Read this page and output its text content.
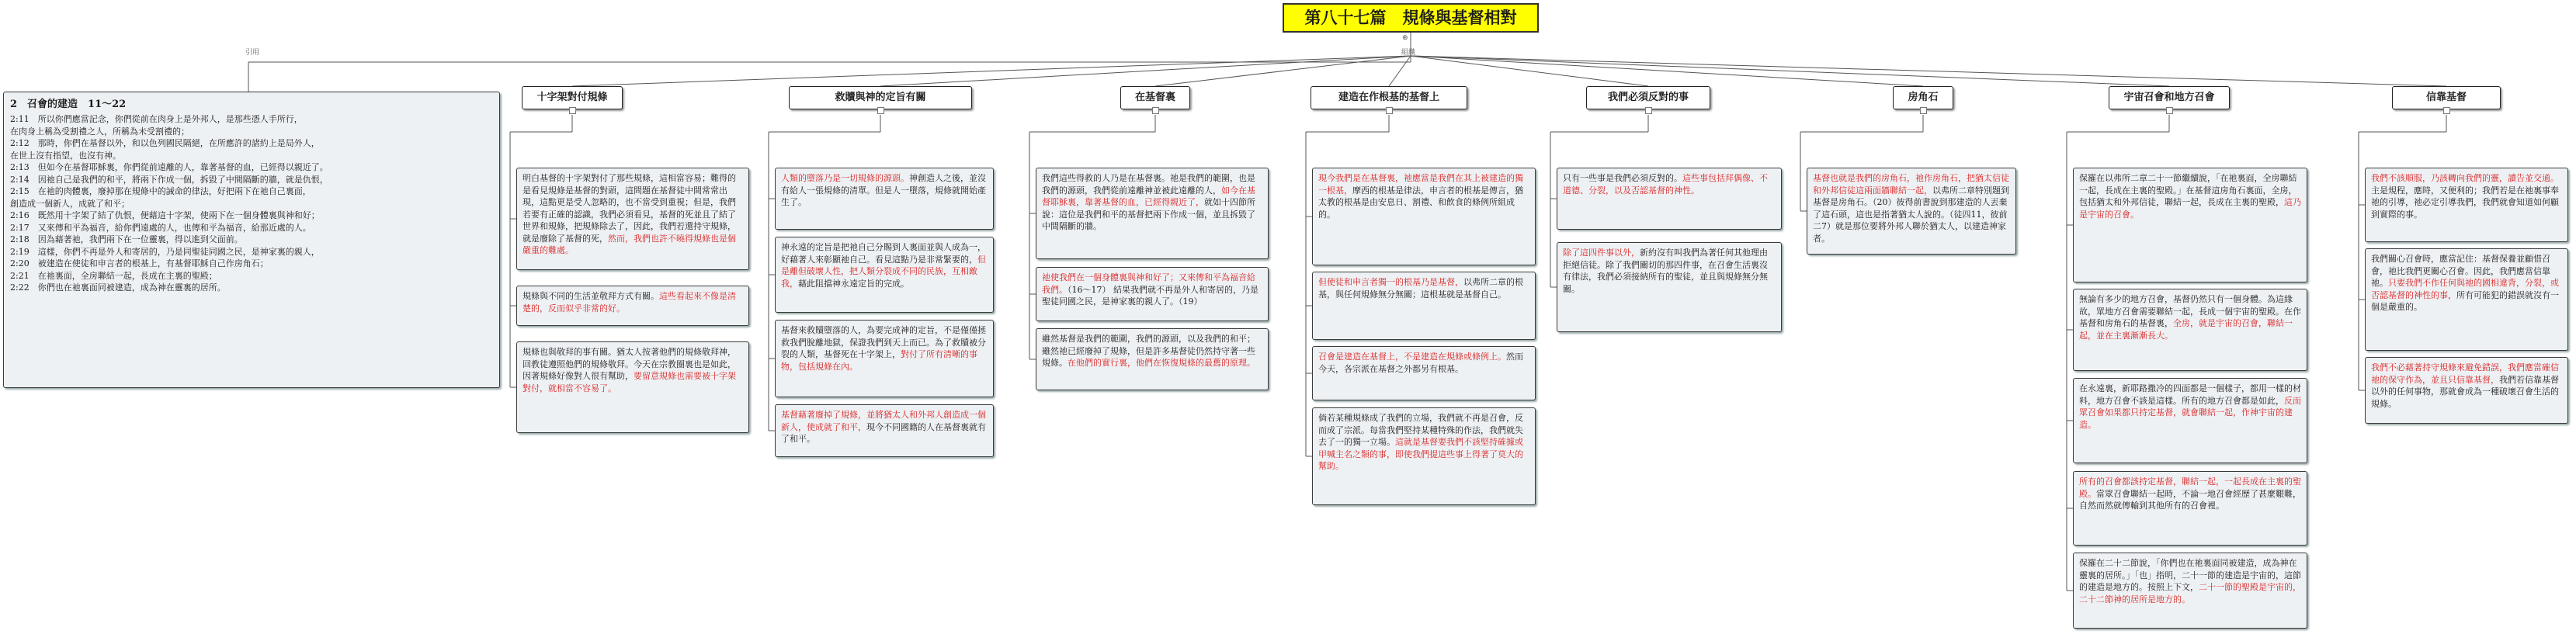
⊕
第八十七篇　規條與基督相對
引用	組織
2　召會的建造　11～22
2:11　所以你們應當記念，你們從前在肉身上是外邦人，是那些憑人手所行，
在肉身上稱為受割禮之人，所稱為未受割禮的；
2:12　那時，你們在基督以外，和以色列國民隔絕，在所應許的諸約上是局外人，
在世上沒有指望，也沒有神。
2:13　但如今在基督耶穌裏，你們從前遠離的人，靠著基督的血，已經得以親近了。
2:14　因祂自己是我們的和平，將兩下作成一個，拆毀了中間隔斷的牆，就是仇恨，
2:15　在祂的肉體裏，廢掉那在規條中的誡命的律法，好把兩下在祂自己裏面，
創造成一個新人，成就了和平；
2:16　既然用十字架了結了仇恨，便藉這十字架，使兩下在一個身體裏與神和好；
2:17　又來傳和平為福音，給你們遠處的人，也傳和平為福音，給那近處的人。
2:18　因為藉著祂，我們兩下在一位靈裏，得以進到父面前。
2:19　這樣，你們不再是外人和寄居的，乃是同聖徒同國之民，是神家裏的親人，
2:20　被建造在使徒和申言者的根基上，有基督耶穌自己作房角石；
2:21　在祂裏面，全房聯結一起，長成在主裏的聖殿；
2:22　你們也在祂裏面同被建造，成為神在靈裏的居所。
十字架對付規條
明白基督的十字架對付了那些規條，這相當容易；難得的是看見規條是基督的對頭，這問題在基督徒中間常常出現，這點更是受人忽略的，也不當受到重視；但是，我們若要有正確的認識，我們必須看見，基督的死並且了結了世界和規條，把規條除去了，因此，我們若還持守規條，就是廢除了基督的死，然而，我們也許不曉得規條也是個嚴重的難處。
規條與不同的生活並敬拜方式有關。這些看起來不像是清楚的，反而似乎非常的好。
規條也與敬拜的事有關。猶太人按著他們的規條敬拜神，回教徒遵照他們的規條敬拜。今天在宗教圈裏也是如此，因著規條好像對人很有幫助，要留意規條也需要被十字架對付，就相當不容易了。
救贖與神的定旨有關
人類的墮落乃是一切規條的源頭。神創造人之後，並沒有給人一張規條的清單。但是人一墮落，規條就開始產生了。
神永遠的定旨是把祂自己分賜到人裏面並與人成為一，好藉著人來彰顯祂自己。看見這點乃是非常緊要的，但是離但破壞人性，把人類分裂成不同的民族，互相敵我，藉此阻擋神永遠定旨的完成。
基督來救贖墮落的人，為要完成神的定旨，不是僅僅拯救我們脫離地獄，保證我們到天上而已。為了救贖被分裂的人類，基督死在十字架上，對付了所有清晰的事物，包括規條在內。
基督藉著廢掉了規條，並將猶太人和外邦人創造成一個新人，使成就了和平，現今不同國籍的人在基督裏就有了和平。
在基督裏
我們這些得救的人乃是在基督裏。祂是我們的範圍，也是我們的源頭，我們從前遠離神並被此遠離的人，如今在基督耶穌裏，靠著基督的血，已經得親近了，就如十四節所說：這位是我們和平的基督把兩下作成一個，並且拆毀了中間隔斷的牆。
祂使我們在一個身體裏與神和好了；又來傳和平為福音給我們。（16～17） 結果我們就不再是外人和寄居的，乃是聖徒同國之民，是神家裏的親人了。（19）
雖然基督是我們的範圍，我們的源頭，以及我們的和平；雖然祂已經廢掉了規條，但是許多基督徒仍然持守著一些規條。在他們的實行裏，他們在恢復規條的最舊的原理。
建造在作根基的基督上
現今我們是在基督裏，祂應當是我們在其上被建造的獨一根基，摩西的根基是律法，申言者的根基是傳言，猶太教的根基是由安息日、割禮、和飲食的條例所組成的。
但使徒和申言者獨一的根基乃是基督，以弗所二章的根基，與任何規條無分無關；這根基就是基督自己。
召會是建造在基督上，不是建造在規條或條例上。然而今天，各宗派在基督之外都另有根基。
倘若某種規條成了我們的立場，我們就不再是召會，反而成了宗派。每當我們堅持某種特殊的作法，我們就失去了一的獨一立場。這就是基督要我們不該堅持確據或甲喊主名之類的事，即使我們提這些事上得著了莫大的幫助。
我們必須反對的事
只有一些事是我們必須反對的。這些事包括拜偶像、不道德、分裂，以及否認基督的神性。
除了這四件事以外，新約沒有叫我們為著任何其他理由拒絕信徒。除了我們關切的那四件事，在召會生活裏沒有律法，我們必須接納所有的聖徒，並且與規條無分無關。
房角石
基督也就是我們的房角石，祂作房角石，把猶太信徒和外邦信徒這兩面牆聯結一起，以弗所二章特別題到基督是房角石。（20）彼得前書說到那建造的人丟棄了這石頭，這也是指著猶太人說的。（徒四11，彼前二7）就是那位要將外邦人聯於猶太人，以建造神家者。
宇宙召會和地方召會
保羅在以弗所二章二十一節繼續說，「在祂裏面，全房聯結一起，長成在主裏的聖殿。」在基督這房角石裏面，全房，包括猶太和外邦信徒，聯結一起，長成在主裏的聖殿，這乃是宇宙的召會。
無論有多少的地方召會，基督仍然只有一個身體。為這緣故，眾地方召會需要聯結一起，長成一個宇宙的聖殿。在作基督和房角石的基督裏，全房，就是宇宙的召會，聯結一起，並在主裏漸漸長大。
在永遠裏，新耶路撒冷的四面都是一個樣子，都用一樣的材料，地方召會不該是這樣。所有的地方召會都是如此，反而眾召會如果都只持定基督，就會聯結一起，作神宇宙的建造。
所有的召會都該持定基督，聯結一起，一起長成在主裏的聖殿。當眾召會聯結一起時，不論一地召會經歷了甚麼艱難，自然而然就傳輸到其他所有的召會裡。
保羅在二十二節說，「你們也在祂裏面同被建造，成為神在靈裏的居所。」「也」指明，二十一節的建造是宇宙的，這節的建造是地方的。按照上下文，二十一節的聖殿是宇宙的，二十二節神的居所是地方的。
信靠基督
我們不該順服，乃該轉向我們的靈，讀告並交通。主是規程，應時，又便利的；我們若是在祂裏事奉祂的引導，祂必定引導我們，我們就會知道如何顧到實際的事。
我們關心召會時，應當記住：基督保養並顧惜召會，祂比我們更關心召會。因此，我們應當信靠祂。只要我們不作任何與祂的國相違背，分裂，或否認基督的神性的事，所有可能犯的錯誤就沒有一個是嚴重的。
我們不必藉著持守規條來避免錯誤，我們應當確信祂的保守作為，並且只信靠基督，我們若信靠基督以外的任何事物，那就會成為一種破壞召會生活的規條。
